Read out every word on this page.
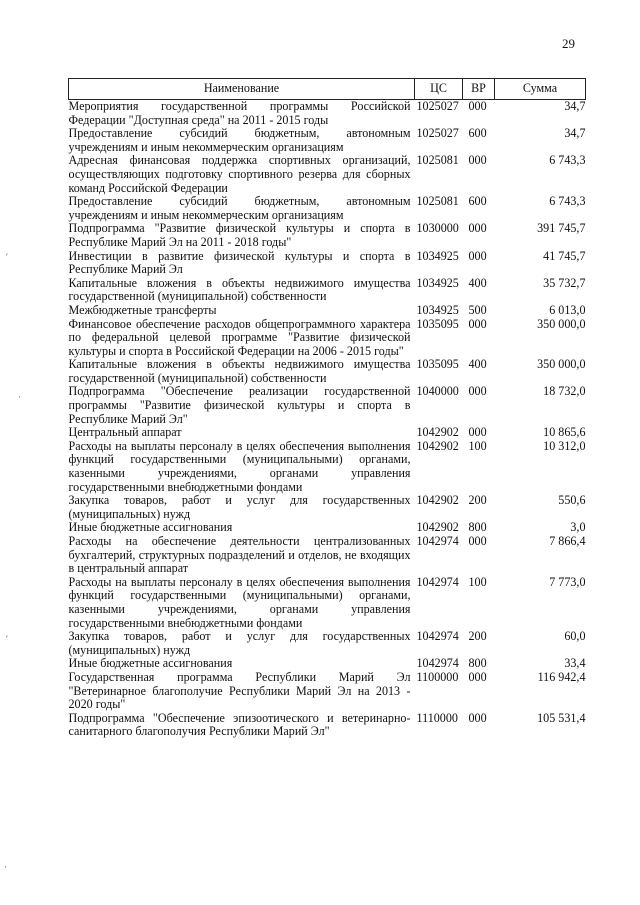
29
′
·
′
·
Наименование	ЦС	ВР	Сумма
Мероприятия государственной программы Российской Федерации "Доступная среда" на 2011 - 2015 годы	1025027	000	34,7
Предоставление субсидий бюджетным, автономным учреждениям и иным некоммерческим организациям	1025027	600	34,7
Адресная финансовая поддержка спортивных организаций, осуществляющих подготовку спортивного резерва для сборных команд Российской Федерации	1025081	000	6 743,3
Предоставление субсидий бюджетным, автономным учреждениям и иным некоммерческим организациям	1025081	600	6 743,3
Подпрограмма "Развитие физической культуры и спорта в Республике Марий Эл на 2011 - 2018 годы"	1030000	000	391 745,7
Инвестиции в развитие физической культуры и спорта в Республике Марий Эл	1034925	000	41 745,7
Капитальные вложения в объекты недвижимого имущества государственной (муниципальной) собственности	1034925	400	35 732,7
Межбюджетные трансферты	1034925	500	6 013,0
Финансовое обеспечение расходов общепрограммного характера по федеральной целевой программе "Развитие физической культуры и спорта в Российской Федерации на 2006 - 2015 годы"	1035095	000	350 000,0
Капитальные вложения в объекты недвижимого имущества государственной (муниципальной) собственности	1035095	400	350 000,0
Подпрограмма "Обеспечение реализации государственной программы "Развитие физической культуры и спорта в Республике Марий Эл"	1040000	000	18 732,0
Центральный аппарат	1042902	000	10 865,6
Расходы на выплаты персоналу в целях обеспечения выполнения функций государственными (муниципальными) органами, казенными учреждениями, органами управления государственными внебюджетными фондами	1042902	100	10 312,0
Закупка товаров, работ и услуг для государственных (муниципальных) нужд	1042902	200	550,6
Иные бюджетные ассигнования	1042902	800	3,0
Расходы на обеспечение деятельности централизованных бухгалтерий, структурных подразделений и отделов, не входящих в центральный аппарат	1042974	000	7 866,4
Расходы на выплаты персоналу в целях обеспечения выполнения функций государственными (муниципальными) органами, казенными учреждениями, органами управления государственными внебюджетными фондами	1042974	100	7 773,0
Закупка товаров, работ и услуг для государственных (муниципальных) нужд	1042974	200	60,0
Иные бюджетные ассигнования	1042974	800	33,4
Государственная программа Республики Марий Эл "Ветеринарное благополучие Республики Марий Эл на 2013 - 2020 годы"	1100000	000	116 942,4
Подпрограмма "Обеспечение эпизоотического и ветеринарно-санитарного благополучия Республики Марий Эл"	1110000	000	105 531,4
